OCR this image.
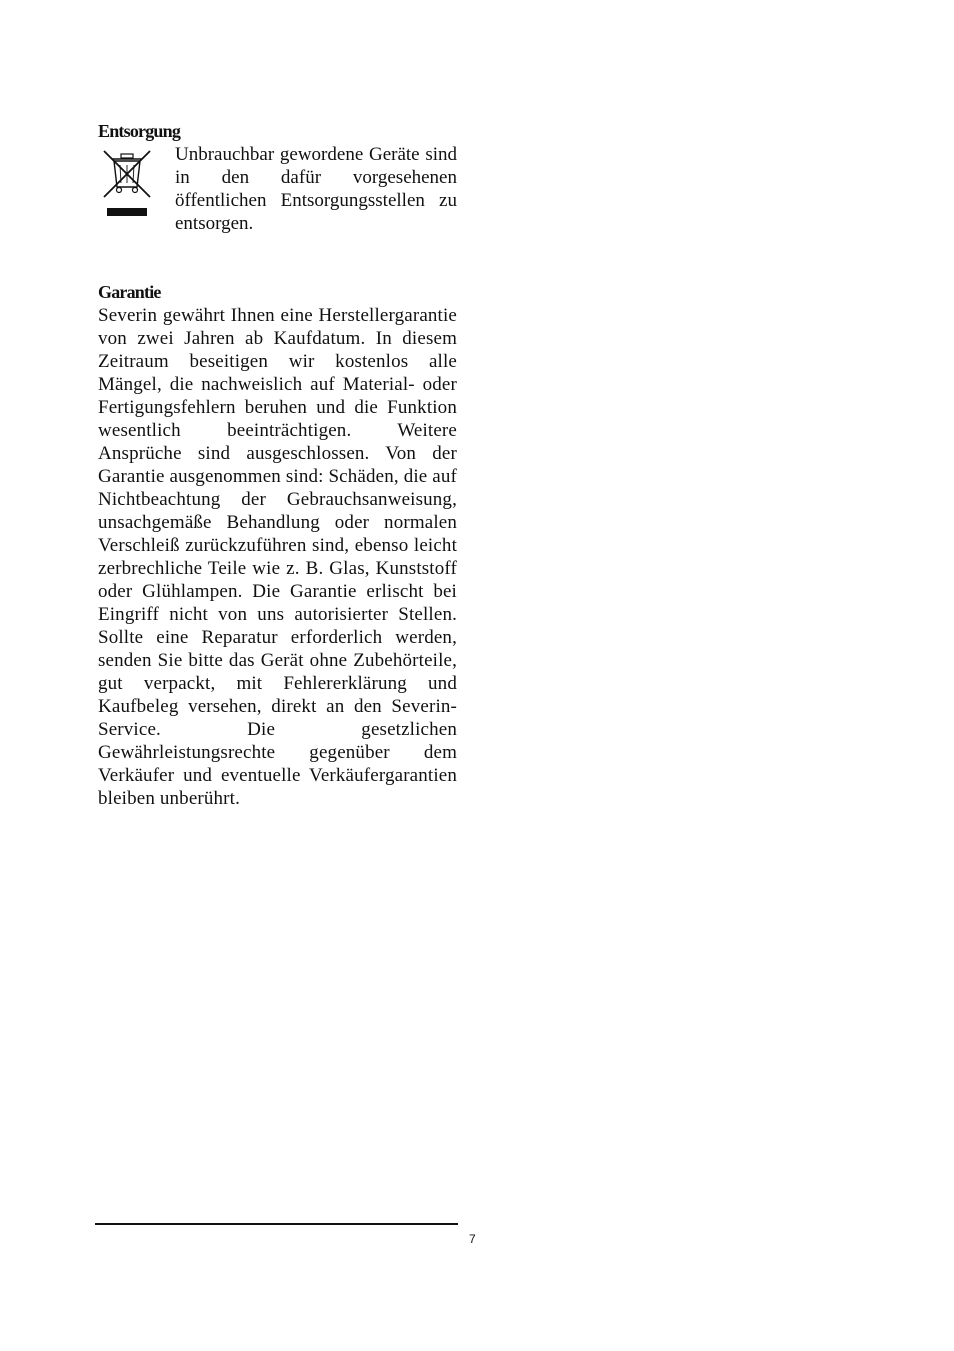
Entsorgung

Unbrauchbar gewordene Geräte sind in den dafür vorgesehenen öffentlichen Entsorgungsstellen zu entsorgen.

Garantie

Severin gewährt Ihnen eine Herstellergarantie von zwei Jahren ab Kaufdatum. In diesem Zeitraum beseitigen wir kostenlos alle Mängel, die nachweislich auf Material- oder Fertigungsfehlern beruhen und die Funktion wesentlich beeinträchtigen. Weitere Ansprüche sind ausgeschlossen. Von der Garantie ausgenommen sind: Schäden, die auf Nichtbeachtung der Gebrauchsanweisung, unsachgemäße Behandlung oder normalen Verschleiß zurückzuführen sind, ebenso leicht zerbrechliche Teile wie z. B. Glas, Kunststoff oder Glühlampen. Die Garantie erlischt bei Eingriff nicht von uns autorisierter Stellen. Sollte eine Reparatur erforderlich werden, senden Sie bitte das Gerät ohne Zubehörteile, gut verpackt, mit Fehlererklärung und Kaufbeleg versehen, direkt an den Severin-Service. Die gesetzlichen Gewährleistungsrechte gegenüber dem Verkäufer und eventuelle Verkäufergarantien bleiben unberührt.

7
